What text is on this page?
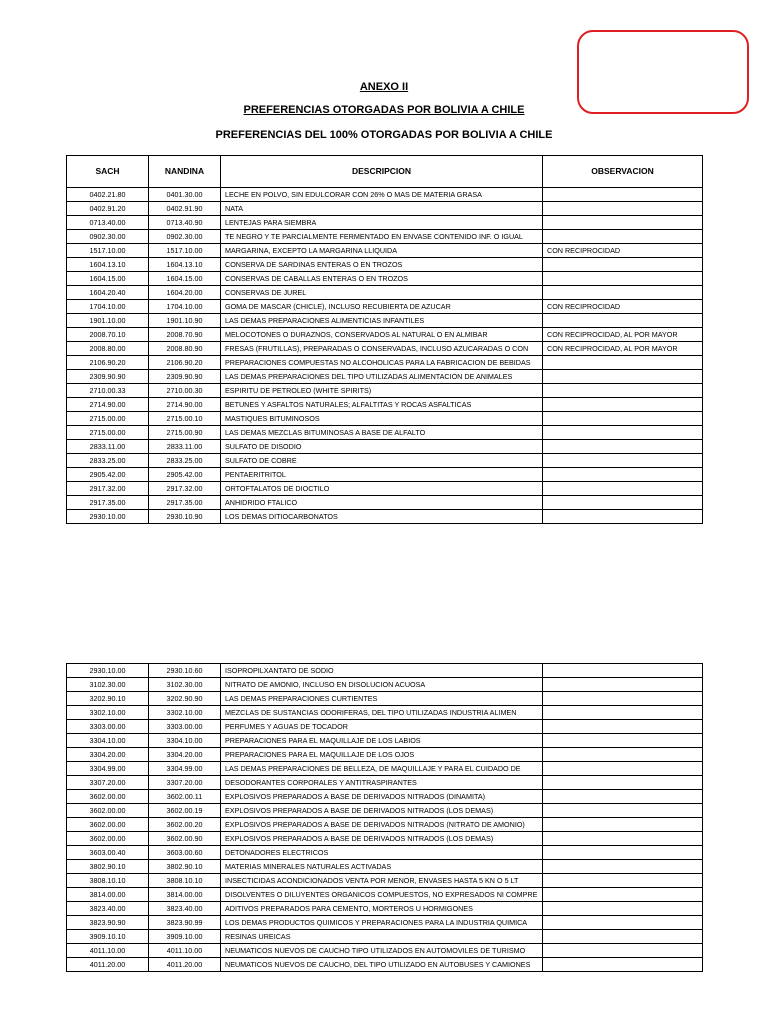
ANEXO II
PREFERENCIAS OTORGADAS POR BOLIVIA A CHILE
PREFERENCIAS DEL 100% OTORGADAS POR BOLIVIA A CHILE
SACH	NANDINA	DESCRIPCION	OBSERVACION
0402.21.80	0401.30.00	LECHE EN POLVO, SIN EDULCORAR CON 26% O MAS DE MATERIA GRASA	
0402.91.20	0402.91.90	NATA	
0713.40.00	0713.40.90	LENTEJAS PARA SIEMBRA	
0902.30.00	0902.30.00	TE NEGRO Y TE PARCIALMENTE FERMENTADO EN ENVASE CONTENIDO INF. O IGUAL	
1517.10.00	1517.10.00	MARGARINA, EXCEPTO LA MARGARINA LLIQUIDA	CON RECIPROCIDAD
1604.13.10	1604.13.10	CONSERVA DE SARDINAS ENTERAS O EN TROZOS	
1604.15.00	1604.15.00	CONSERVAS DE CABALLAS ENTERAS O EN TROZOS	
1604.20.40	1604.20.00	CONSERVAS DE JUREL	
1704.10.00	1704.10.00	GOMA DE MASCAR (CHICLE), INCLUSO RECUBIERTA DE AZUCAR	CON RECIPROCIDAD
1901.10.00	1901.10.90	LAS DEMAS PREPARACIONES ALIMENTICIAS INFANTILES	
2008.70.10	2008.70.90	MELOCOTONES O DURAZNOS, CONSERVADOS AL NATURAL O EN ALMIBAR	CON RECIPROCIDAD, AL POR MAYOR
2008.80.00	2008.80.90	FRESAS (FRUTILLAS), PREPARADAS O CONSERVADAS, INCLUSO AZUCARADAS O CON	CON RECIPROCIDAD, AL POR MAYOR
2106.90.20	2106.90.20	PREPARACIONES COMPUESTAS NO ALCOHOLICAS PARA LA FABRICACION DE BEBIDAS	
2309.90.90	2309.90.90	LAS DEMAS PREPARACIONES DEL TIPO UTILIZADAS ALIMENTACION DE ANIMALES	
2710.00.33	2710.00.30	ESPIRITU DE PETROLEO (WHITE SPIRITS)	
2714.90.00	2714.90.00	BETUNES Y ASFALTOS NATURALES; ALFALTITAS Y ROCAS ASFALTICAS	
2715.00.00	2715.00.10	MASTIQUES BITUMINOSOS	
2715.00.00	2715.00.90	LAS DEMAS MEZCLAS BITUMINOSAS A BASE DE ALFALTO	
2833.11.00	2833.11.00	SULFATO DE DISODIO	
2833.25.00	2833.25.00	SULFATO DE COBRE	
2905.42.00	2905.42.00	PENTAERITRITOL	
2917.32.00	2917.32.00	ORTOFTALATOS DE DIOCTILO	
2917.35.00	2917.35.00	ANHIDRIDO FTALICO	
2930.10.00	2930.10.90	LOS DEMAS DITIOCARBONATOS	
2930.10.00	2930.10.60	ISOPROPILXANTATO DE SODIO	
3102.30.00	3102.30.00	NITRATO DE AMONIO, INCLUSO EN DISOLUCION ACUOSA	
3202.90.10	3202.90.90	LAS DEMAS PREPARACIONES CURTIENTES	
3302.10.00	3302.10.00	MEZCLAS DE SUSTANCIAS ODORIFERAS, DEL TIPO UTILIZADAS INDUSTRIA ALIMEN	
3303.00.00	3303.00.00	PERFUMES Y AGUAS DE TOCADOR	
3304.10.00	3304.10.00	PREPARACIONES PARA EL MAQUILLAJE DE LOS LABIOS	
3304.20.00	3304.20.00	PREPARACIONES PARA EL MAQUILLAJE DE LOS OJOS	
3304.99.00	3304.99.00	LAS DEMAS PREPARACIONES DE BELLEZA, DE MAQUILLAJE Y PARA EL CUIDADO DE	
3307.20.00	3307.20.00	DESODORANTES CORPORALES Y ANTITRASPIRANTES	
3602.00.00	3602.00.11	EXPLOSIVOS PREPARADOS A BASE DE DERIVADOS NITRADOS (DINAMITA)	
3602.00.00	3602.00.19	EXPLOSIVOS PREPARADOS A BASE DE DERIVADOS NITRADOS (LOS DEMAS)	
3602.00.00	3602.00.20	EXPLOSIVOS PREPARADOS A BASE DE DERIVADOS NITRADOS (NITRATO DE AMONIO)	
3602.00.00	3602.00.90	EXPLOSIVOS PREPARADOS A BASE DE DERIVADOS NITRADOS (LOS DEMAS)	
3603.00.40	3603.00.60	DETONADORES ELECTRICOS	
3802.90.10	3802.90.10	MATERIAS MINERALES NATURALES ACTIVADAS	
3808.10.10	3808.10.10	INSECTICIDAS ACONDICIONADOS VENTA POR MENOR, ENVASES HASTA 5 KN O 5 LT	
3814.00.00	3814.00.00	DISOLVENTES O DILUYENTES ORGANICOS COMPUESTOS, NO EXPRESADOS NI COMPRE	
3823.40.00	3823.40.00	ADITIVOS PREPARADOS PARA CEMENTO, MORTEROS U HORMIGONES	
3823.90.90	3823.90.99	LOS DEMAS PRODUCTOS QUIMICOS Y PREPARACIONES PARA LA INDUSTRIA QUIMICA	
3909.10.10	3909.10.00	RESINAS UREICAS	
4011.10.00	4011.10.00	NEUMATICOS NUEVOS DE CAUCHO TIPO UTILIZADOS EN AUTOMOVILES DE TURISMO	
4011.20.00	4011.20.00	NEUMATICOS NUEVOS DE CAUCHO, DEL TIPO UTILIZADO EN AUTOBUSES Y CAMIONES	
